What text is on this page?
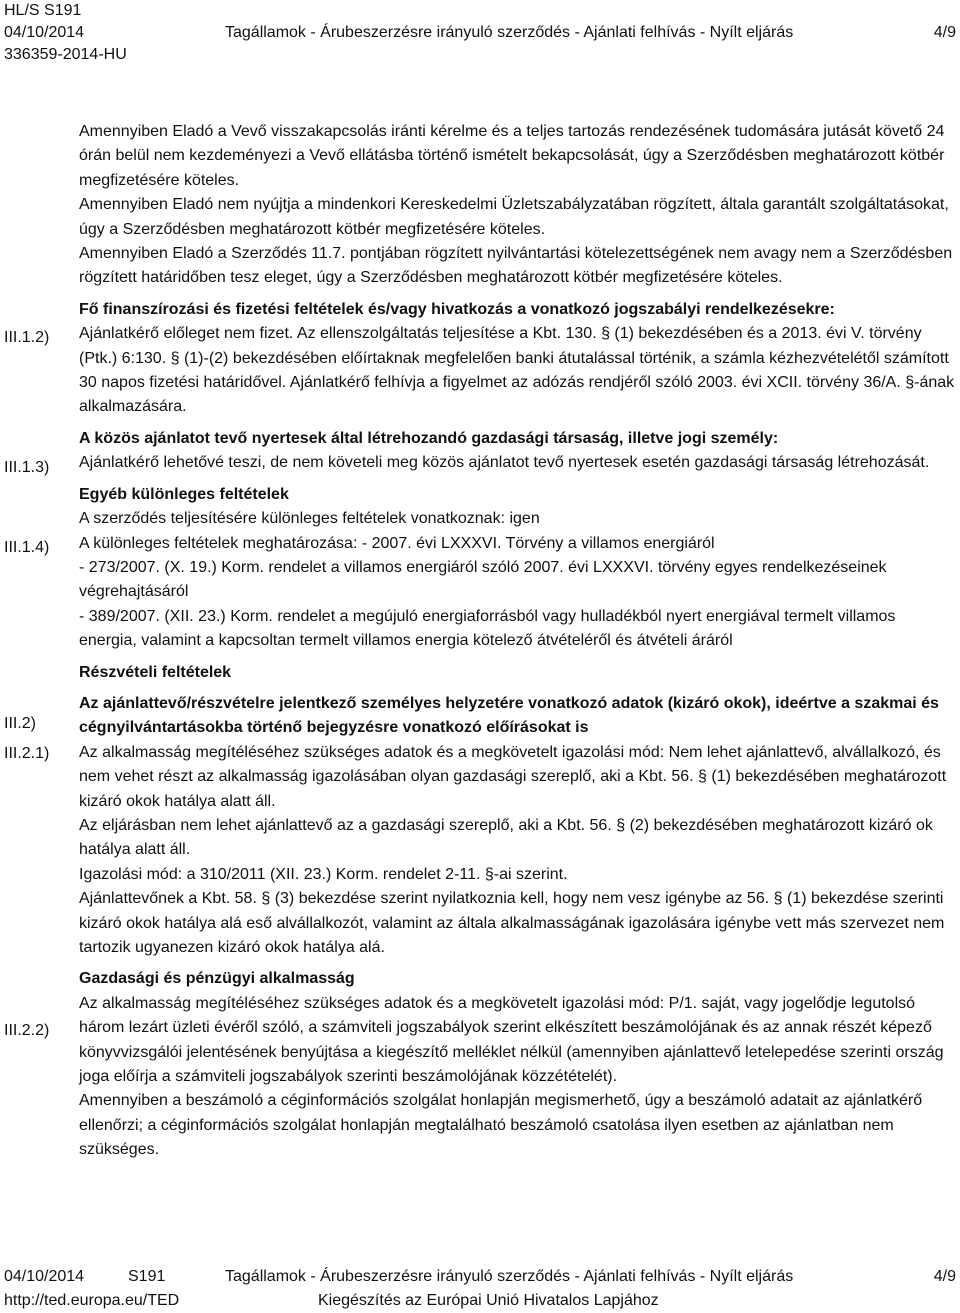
HL/S S191
04/10/2014	Tagállamok - Árubeszerzésre irányuló szerződés - Ajánlati felhívás - Nyílt eljárás	4/9
336359-2014-HU
III.1.2)
III.1.3)
III.1.4)
III.2)
III.2.1)
III.2.2)

Amennyiben Eladó a Vevő visszakapcsolás iránti kérelme és a teljes tartozás rendezésének tudomására jutását követő 24 órán belül nem kezdeményezi a Vevő ellátásba történő ismételt bekapcsolását, úgy a Szerződésben meghatározott kötbér megfizetésére köteles.

Amennyiben Eladó nem nyújtja a mindenkori Kereskedelmi Üzletszabályzatában rögzített, általa garantált szolgáltatásokat, úgy a Szerződésben meghatározott kötbér megfizetésére köteles.

Amennyiben Eladó a Szerződés 11.7. pontjában rögzített nyilvántartási kötelezettségének nem avagy nem a Szerződésben rögzített határidőben tesz eleget, úgy a Szerződésben meghatározott kötbér megfizetésére köteles.

Fő finanszírozási és fizetési feltételek és/vagy hivatkozás a vonatkozó jogszabályi rendelkezésekre:

Ajánlatkérő előleget nem fizet. Az ellenszolgáltatás teljesítése a Kbt. 130. § (1) bekezdésében és a 2013. évi V. törvény (Ptk.) 6:130. § (1)-(2) bekezdésében előírtaknak megfelelően banki átutalással történik, a számla kézhezvételétől számított 30 napos fizetési határidővel. Ajánlatkérő felhívja a figyelmet az adózás rendjéről szóló 2003. évi XCII. törvény 36/A. §-ának alkalmazására.

A közös ajánlatot tevő nyertesek által létrehozandó gazdasági társaság, illetve jogi személy:

Ajánlatkérő lehetővé teszi, de nem követeli meg közös ajánlatot tevő nyertesek esetén gazdasági társaság létrehozását.

Egyéb különleges feltételek

A szerződés teljesítésére különleges feltételek vonatkoznak: igen

A különleges feltételek meghatározása: - 2007. évi LXXXVI. Törvény a villamos energiáról

- 273/2007. (X. 19.) Korm. rendelet a villamos energiáról szóló 2007. évi LXXXVI. törvény egyes rendelkezéseinek végrehajtásáról

- 389/2007. (XII. 23.) Korm. rendelet a megújuló energiaforrásból vagy hulladékból nyert energiával termelt villamos energia, valamint a kapcsoltan termelt villamos energia kötelező átvételéről és átvételi áráról

Részvételi feltételek

Az ajánlattevő/részvételre jelentkező személyes helyzetére vonatkozó adatok (kizáró okok), ideértve a szakmai és cégnyilvántartásokba történő bejegyzésre vonatkozó előírásokat is

Az alkalmasság megítéléséhez szükséges adatok és a megkövetelt igazolási mód: Nem lehet ajánlattevő, alvállalkozó, és nem vehet részt az alkalmasság igazolásában olyan gazdasági szereplő, aki a Kbt. 56. § (1) bekezdésében meghatározott kizáró okok hatálya alatt áll.

Az eljárásban nem lehet ajánlattevő az a gazdasági szereplő, aki a Kbt. 56. § (2) bekezdésében meghatározott kizáró ok hatálya alatt áll.

Igazolási mód: a 310/2011 (XII. 23.) Korm. rendelet 2-11. §-ai szerint.

Ajánlattevőnek a Kbt. 58. § (3) bekezdése szerint nyilatkoznia kell, hogy nem vesz igénybe az 56. § (1) bekezdése szerinti kizáró okok hatálya alá eső alvállalkozót, valamint az általa alkalmasságának igazolására igénybe vett más szervezet nem tartozik ugyanezen kizáró okok hatálya alá.

Gazdasági és pénzügyi alkalmasság

Az alkalmasság megítéléséhez szükséges adatok és a megkövetelt igazolási mód: P/1. saját, vagy jogelődje legutolsó három lezárt üzleti évéről szóló, a számviteli jogszabályok szerint elkészített beszámolójának és az annak részét képező könyvvizsgálói jelentésének benyújtása a kiegészítő melléklet nélkül (amennyiben ajánlattevő letelepedése szerinti ország joga előírja a számviteli jogszabályok szerinti beszámolójának közzétételét).

Amennyiben a beszámoló a céginformációs szolgálat honlapján megismerhető, úgy a beszámoló adatait az ajánlatkérő ellenőrzi; a céginformációs szolgálat honlapján megtalálható beszámoló csatolása ilyen esetben az ajánlatban nem szükséges.

04/10/2014	S191	Tagállamok - Árubeszerzésre irányuló szerződés - Ajánlati felhívás - Nyílt eljárás	4/9
http://ted.europa.eu/TED	Kiegészítés az Európai Unió Hivatalos Lapjához
